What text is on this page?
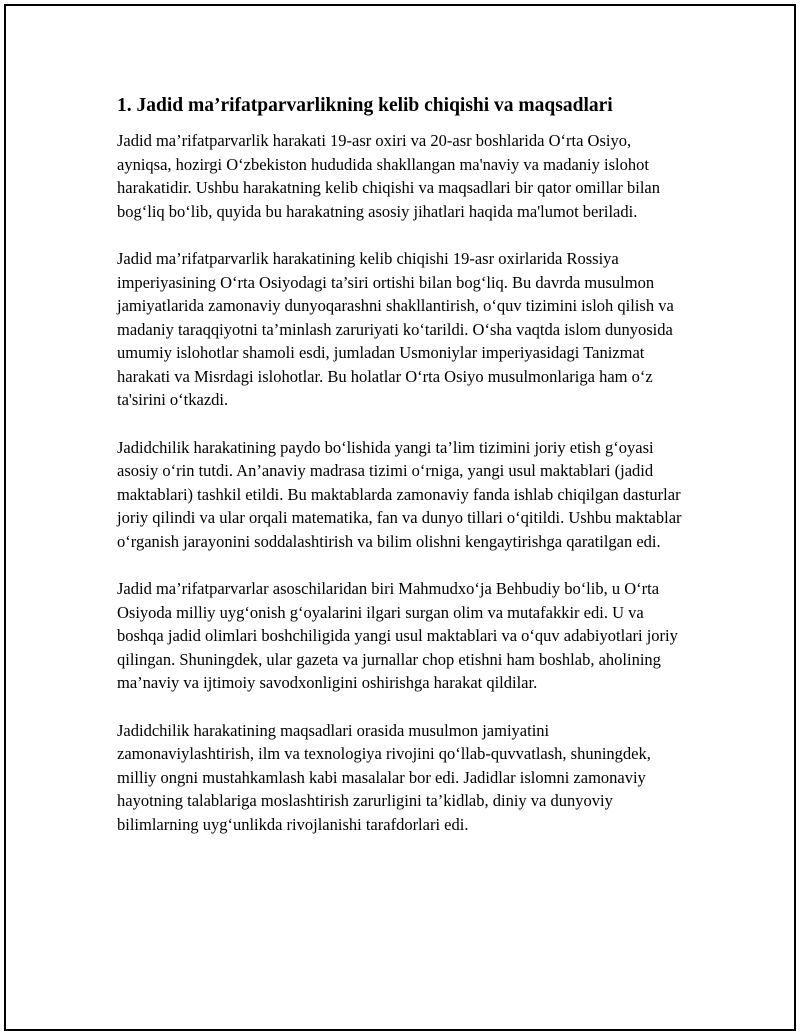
1. Jadid ma’rifatparvarlikning kelib chiqishi va maqsadlari

Jadid ma’rifatparvarlik harakati 19-asr oxiri va 20-asr boshlarida O‘rta Osiyo, ayniqsa, hozirgi O‘zbekiston hududida shakllangan ma'naviy va madaniy islohot harakatidir. Ushbu harakatning kelib chiqishi va maqsadlari bir qator omillar bilan bog‘liq bo‘lib, quyida bu harakatning asosiy jihatlari haqida ma'lumot beriladi.

Jadid ma’rifatparvarlik harakatining kelib chiqishi 19-asr oxirlarida Rossiya imperiyasining O‘rta Osiyodagi ta’siri ortishi bilan bog‘liq. Bu davrda musulmon jamiyatlarida zamonaviy dunyoqarashni shakllantirish, o‘quv tizimini isloh qilish va madaniy taraqqiyotni ta’minlash zaruriyati ko‘tarildi. O‘sha vaqtda islom dunyosida umumiy islohotlar shamoli esdi, jumladan Usmoniylar imperiyasidagi Tanizmat harakati va Misrdagi islohotlar. Bu holatlar O‘rta Osiyo musulmonlariga ham o‘z ta'sirini o‘tkazdi.

Jadidchilik harakatining paydo bo‘lishida yangi ta’lim tizimini joriy etish g‘oyasi asosiy o‘rin tutdi. An’anaviy madrasa tizimi o‘rniga, yangi usul maktablari (jadid maktablari) tashkil etildi. Bu maktablarda zamonaviy fanda ishlab chiqilgan dasturlar joriy qilindi va ular orqali matematika, fan va dunyo tillari o‘qitildi. Ushbu maktablar o‘rganish jarayonini soddalashtirish va bilim olishni kengaytirishga qaratilgan edi.

Jadid ma’rifatparvarlar asoschilaridan biri Mahmudxo‘ja Behbudiy bo‘lib, u O‘rta Osiyoda milliy uyg‘onish g‘oyalarini ilgari surgan olim va mutafakkir edi. U va boshqa jadid olimlari boshchiligida yangi usul maktablari va o‘quv adabiyotlari joriy qilingan. Shuningdek, ular gazeta va jurnallar chop etishni ham boshlab, aholining ma’naviy va ijtimoiy savodxonligini oshirishga harakat qildilar.

Jadidchilik harakatining maqsadlari orasida musulmon jamiyatini zamonaviylashtirish, ilm va texnologiya rivojini qo‘llab-quvvatlash, shuningdek, milliy ongni mustahkamlash kabi masalalar bor edi. Jadidlar islomni zamonaviy hayotning talablariga moslashtirish zarurligini ta’kidlab, diniy va dunyoviy bilimlarning uyg‘unlikda rivojlanishi tarafdorlari edi.
